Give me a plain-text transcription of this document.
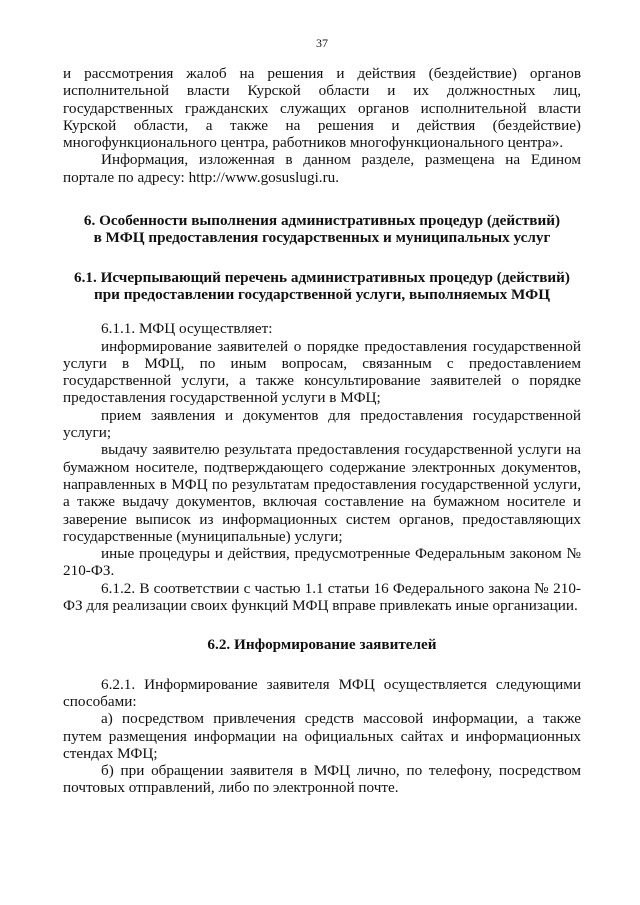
37

и рассмотрения жалоб на решения и действия (бездействие) органов исполнительной власти Курской области и их должностных лиц, государственных гражданских служащих органов исполнительной власти Курской области, а также на решения и действия (бездействие) многофункционального центра, работников многофункционального центра».

Информация, изложенная в данном разделе, размещена на Едином портале по адресу: http://www.gosuslugi.ru.

6. Особенности выполнения административных процедур (действий)
в МФЦ предоставления государственных и муниципальных услуг
6.1. Исчерпывающий перечень административных процедур (действий)
при предоставлении государственной услуги, выполняемых МФЦ

6.1.1. МФЦ осуществляет:

информирование заявителей о порядке предоставления государственной услуги в МФЦ, по иным вопросам, связанным с предоставлением государственной услуги, а также консультирование заявителей о порядке предоставления государственной услуги в МФЦ;

прием заявления и документов для предоставления государственной услуги;

выдачу заявителю результата предоставления государственной услуги на бумажном носителе, подтверждающего содержание электронных документов, направленных в МФЦ по результатам предоставления государственной услуги, а также выдачу документов, включая составление на бумажном носителе и заверение выписок из информационных систем органов, предоставляющих государственные (муниципальные) услуги;

иные процедуры и действия, предусмотренные Федеральным законом № 210-ФЗ.

6.1.2. В соответствии с частью 1.1 статьи 16 Федерального закона № 210-ФЗ для реализации своих функций МФЦ вправе привлекать иные организации.

6.2. Информирование заявителей

6.2.1. Информирование заявителя МФЦ осуществляется следующими способами:

а) посредством привлечения средств массовой информации, а также путем размещения информации на официальных сайтах и информационных стендах МФЦ;

б) при обращении заявителя в МФЦ лично, по телефону, посредством почтовых отправлений, либо по электронной почте.
